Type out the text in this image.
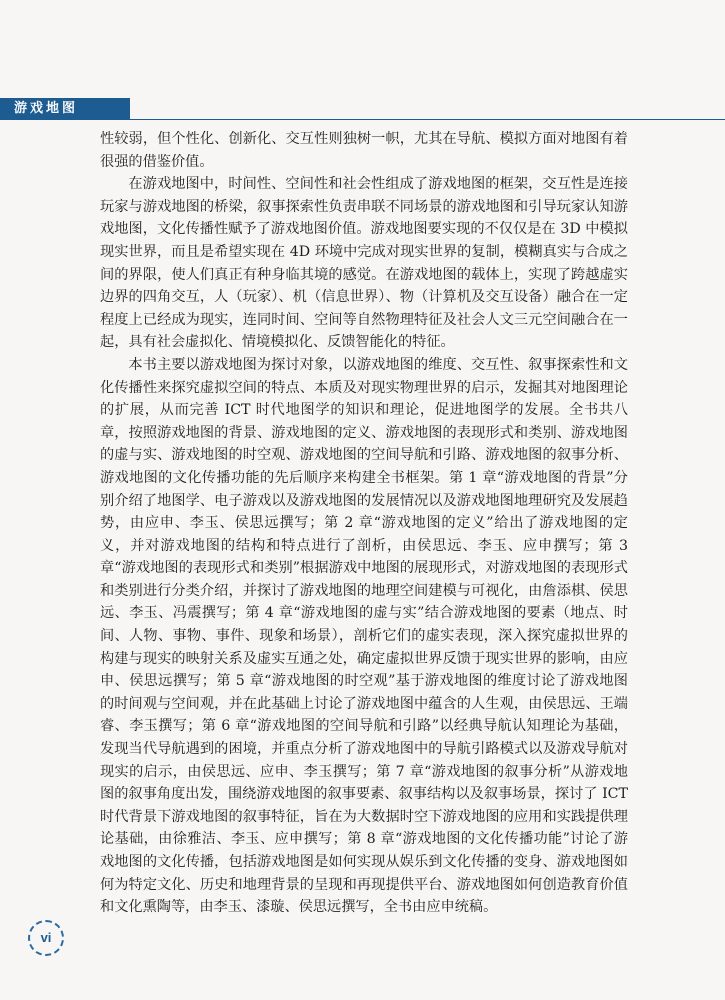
游戏地图

性较弱，但个性化、创新化、交互性则独树一帜，尤其在导航、模拟方面对地图有着很强的借鉴价值。

在游戏地图中，时间性、空间性和社会性组成了游戏地图的框架，交互性是连接玩家与游戏地图的桥梁，叙事探索性负责串联不同场景的游戏地图和引导玩家认知游戏地图，文化传播性赋予了游戏地图价值。游戏地图要实现的不仅仅是在 3D 中模拟现实世界，而且是希望实现在 4D 环境中完成对现实世界的复制，模糊真实与合成之间的界限，使人们真正有种身临其境的感觉。在游戏地图的载体上，实现了跨越虚实边界的四角交互，人（玩家）、机（信息世界）、物（计算机及交互设备）融合在一定程度上已经成为现实，连同时间、空间等自然物理特征及社会人文三元空间融合在一起，具有社会虚拟化、情境模拟化、反馈智能化的特征。

本书主要以游戏地图为探讨对象，以游戏地图的维度、交互性、叙事探索性和文化传播性来探究虚拟空间的特点、本质及对现实物理世界的启示，发掘其对地图理论的扩展，从而完善 ICT 时代地图学的知识和理论，促进地图学的发展。全书共八章，按照游戏地图的背景、游戏地图的定义、游戏地图的表现形式和类别、游戏地图的虚与实、游戏地图的时空观、游戏地图的空间导航和引路、游戏地图的叙事分析、游戏地图的文化传播功能的先后顺序来构建全书框架。第 1 章“游戏地图的背景”分别介绍了地图学、电子游戏以及游戏地图的发展情况以及游戏地图地理研究及发展趋势，由应申、李玉、侯思远撰写；第 2 章“游戏地图的定义”给出了游戏地图的定义，并对游戏地图的结构和特点进行了剖析，由侯思远、李玉、应申撰写；第 3 章“游戏地图的表现形式和类别”根据游戏中地图的展现形式，对游戏地图的表现形式和类别进行分类介绍，并探讨了游戏地图的地理空间建模与可视化，由詹添棋、侯思远、李玉、冯震撰写；第 4 章“游戏地图的虚与实”结合游戏地图的要素（地点、时间、人物、事物、事件、现象和场景），剖析它们的虚实表现，深入探究虚拟世界的构建与现实的映射关系及虚实互通之处，确定虚拟世界反馈于现实世界的影响，由应申、侯思远撰写；第 5 章“游戏地图的时空观”基于游戏地图的维度讨论了游戏地图的时间观与空间观，并在此基础上讨论了游戏地图中蕴含的人生观，由侯思远、王端睿、李玉撰写；第 6 章“游戏地图的空间导航和引路”以经典导航认知理论为基础，发现当代导航遇到的困境，并重点分析了游戏地图中的导航引路模式以及游戏导航对现实的启示，由侯思远、应申、李玉撰写；第 7 章“游戏地图的叙事分析”从游戏地图的叙事角度出发，围绕游戏地图的叙事要素、叙事结构以及叙事场景，探讨了 ICT 时代背景下游戏地图的叙事特征，旨在为大数据时空下游戏地图的应用和实践提供理论基础，由徐雅洁、李玉、应申撰写；第 8 章“游戏地图的文化传播功能”讨论了游戏地图的文化传播，包括游戏地图是如何实现从娱乐到文化传播的变身、游戏地图如何为特定文化、历史和地理背景的呈现和再现提供平台、游戏地图如何创造教育价值和文化熏陶等，由李玉、漆璇、侯思远撰写，全书由应申统稿。

vi
